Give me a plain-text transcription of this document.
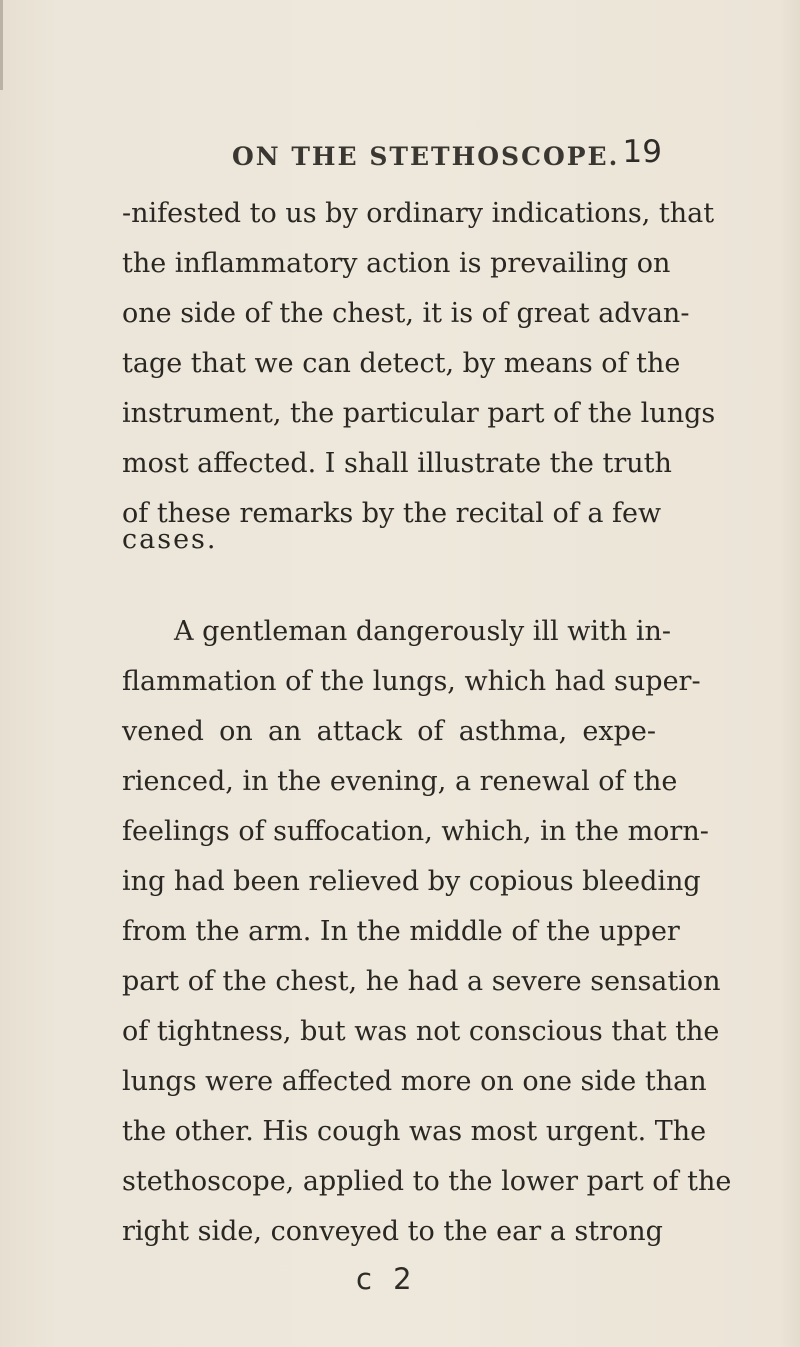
ON THE STETHOSCOPE. 19
-nifested to us by ordinary indications, that
the inflammatory action is prevailing on
one side of the chest, it is of great advan-
tage that we can detect, by means of the
instrument, the particular part of the lungs
most affected. I shall illustrate the truth
of these remarks by the recital of a few
cases.
A gentleman dangerously ill with in-
flammation of the lungs, which had super-
vened on an attack of asthma, expe-
rienced, in the evening, a renewal of the
feelings of suffocation, which, in the morn-
ing had been relieved by copious bleeding
from the arm. In the middle of the upper
part of the chest, he had a severe sensation
of tightness, but was not conscious that the
lungs were affected more on one side than
the other. His cough was most urgent. The
stethoscope, applied to the lower part of the
right side, conveyed to the ear a strong
c 2
